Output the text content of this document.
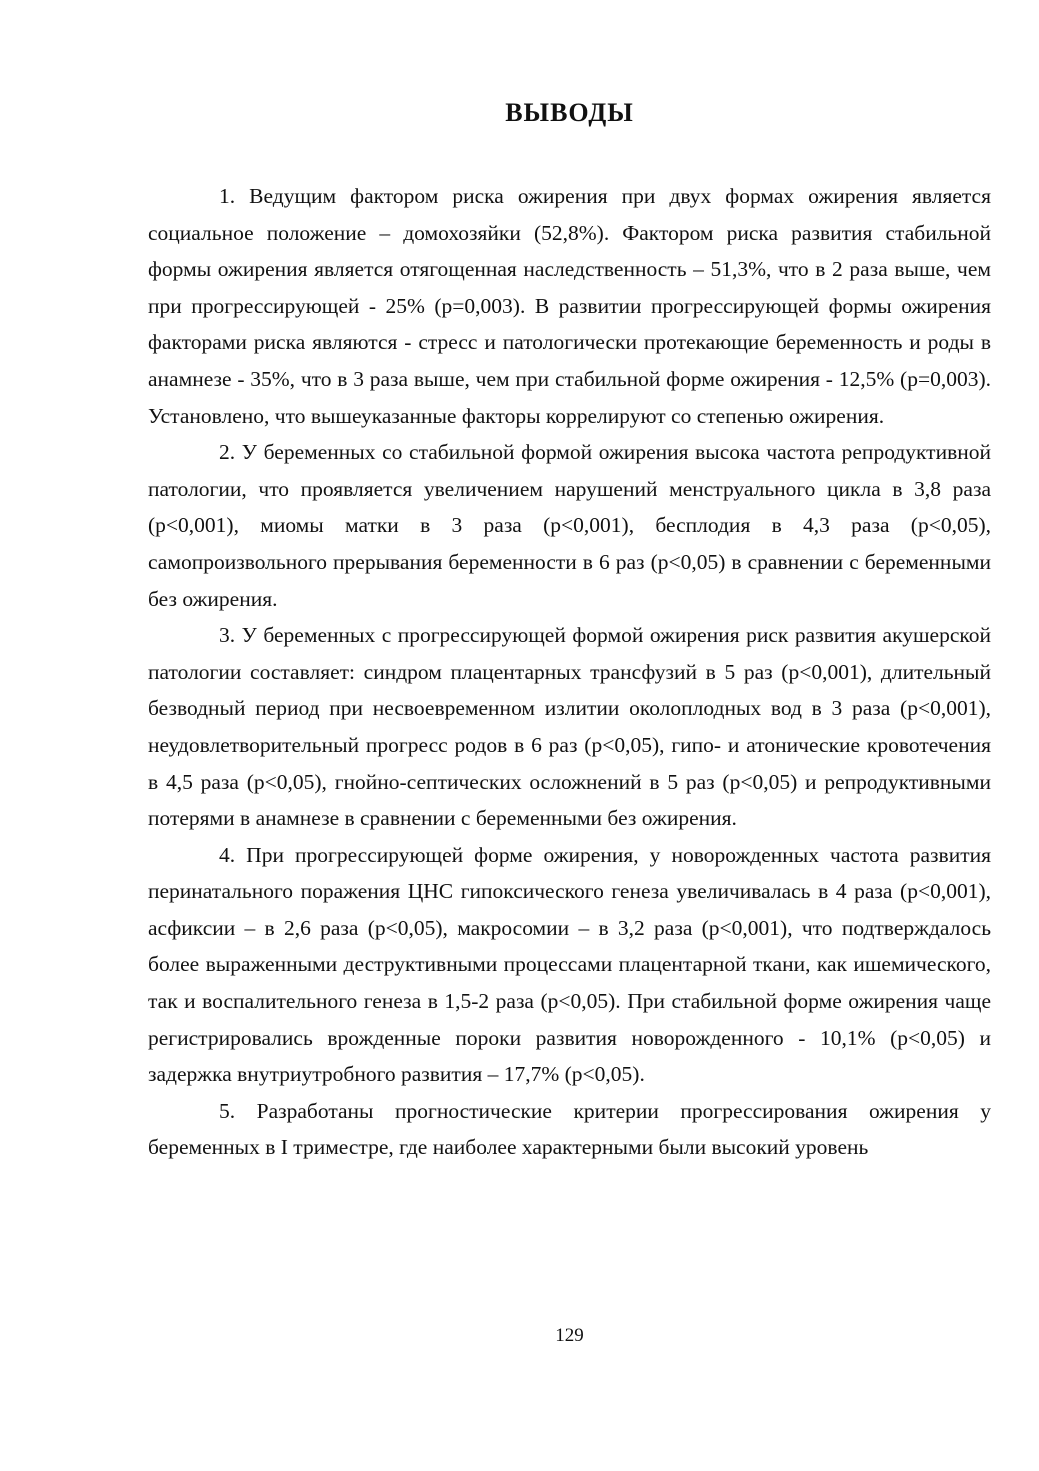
ВЫВОДЫ

1. Ведущим фактором риска ожирения при двух формах ожирения является социальное положение – домохозяйки (52,8%). Фактором риска развития стабильной формы ожирения является отягощенная наследственность – 51,3%, что в 2 раза выше, чем при прогрессирующей - 25% (р=0,003). В развитии прогрессирующей формы ожирения факторами риска являются - стресс и патологически протекающие беременность и роды в анамнезе - 35%, что в 3 раза выше, чем при стабильной форме ожирения - 12,5% (р=0,003). Установлено, что вышеуказанные факторы коррелируют со степенью ожирения.

2. У беременных со стабильной формой ожирения высока частота репродуктивной патологии, что проявляется увеличением нарушений менструального цикла в 3,8 раза (р<0,001), миомы матки в 3 раза (р<0,001), бесплодия в 4,3 раза (р<0,05), самопроизвольного прерывания беременности в 6 раз (р<0,05) в сравнении с беременными без ожирения.

3. У беременных с прогрессирующей формой ожирения риск развития акушерской патологии составляет: синдром плацентарных трансфузий в 5 раз (р<0,001), длительный безводный период при несвоевременном излитии околоплодных вод в 3 раза (р<0,001), неудовлетворительный прогресс родов в 6 раз (р<0,05), гипо- и атонические кровотечения в 4,5 раза (р<0,05), гнойно-септических осложнений в 5 раз (р<0,05) и репродуктивными потерями в анамнезе в сравнении с беременными без ожирения.

4. При прогрессирующей форме ожирения, у новорожденных частота развития перинатального поражения ЦНС гипоксического генеза увеличивалась в 4 раза (р<0,001), асфиксии – в 2,6 раза (р<0,05), макросомии – в 3,2 раза (р<0,001), что подтверждалось более выраженными деструктивными процессами плацентарной ткани, как ишемического, так и воспалительного генеза в 1,5-2 раза (р<0,05). При стабильной форме ожирения чаще регистрировались врожденные пороки развития новорожденного - 10,1% (р<0,05) и задержка внутриутробного развития – 17,7% (р<0,05).

5. Разработаны прогностические критерии прогрессирования ожирения у беременных в I триместре, где наиболее характерными были высокий уровень

129
